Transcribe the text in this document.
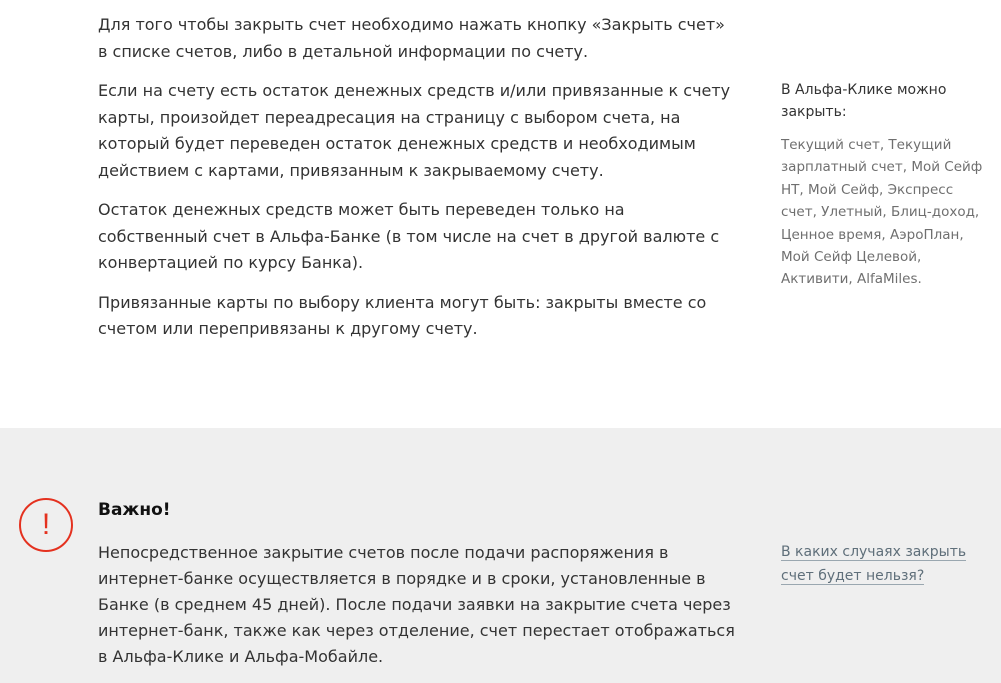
Для того чтобы закрыть счет необходимо нажать кнопку «Закрыть счет» в списке счетов, либо в детальной информации по счету.

Если на счету есть остаток денежных средств и/или привязанные к счету карты, произойдет переадресация на страницу с выбором счета, на который будет переведен остаток денежных средств и необходимым действием с картами, привязанным к закрываемому счету.

Остаток денежных средств может быть переведен только на собственный счет в Альфа-Банке (в том числе на счет в другой валюте с конвертацией по курсу Банка).

Привязанные карты по выбору клиента могут быть: закрыты вместе со счетом или перепривязаны к другому счету.

В Альфа-Клике можно закрыть:

Текущий счет, Текущий зарплатный счет, Мой Сейф НТ, Мой Сейф, Экспресс счет, Улетный, Блиц-доход, Ценное время, АэроПлан, Мой Сейф Целевой, Активити, AlfaMiles.

!	Важно!

Непосредственное закрытие счетов после подачи распоряжения в интернет-банке осуществляется в порядке и в сроки, установленные в Банке (в среднем 45 дней). После подачи заявки на закрытие счета через интернет-банк, также как через отделение, счет перестает отображаться в Альфа-Клике и Альфа-Мобайле.

В каких случаях закрыть счет будет нельзя?
